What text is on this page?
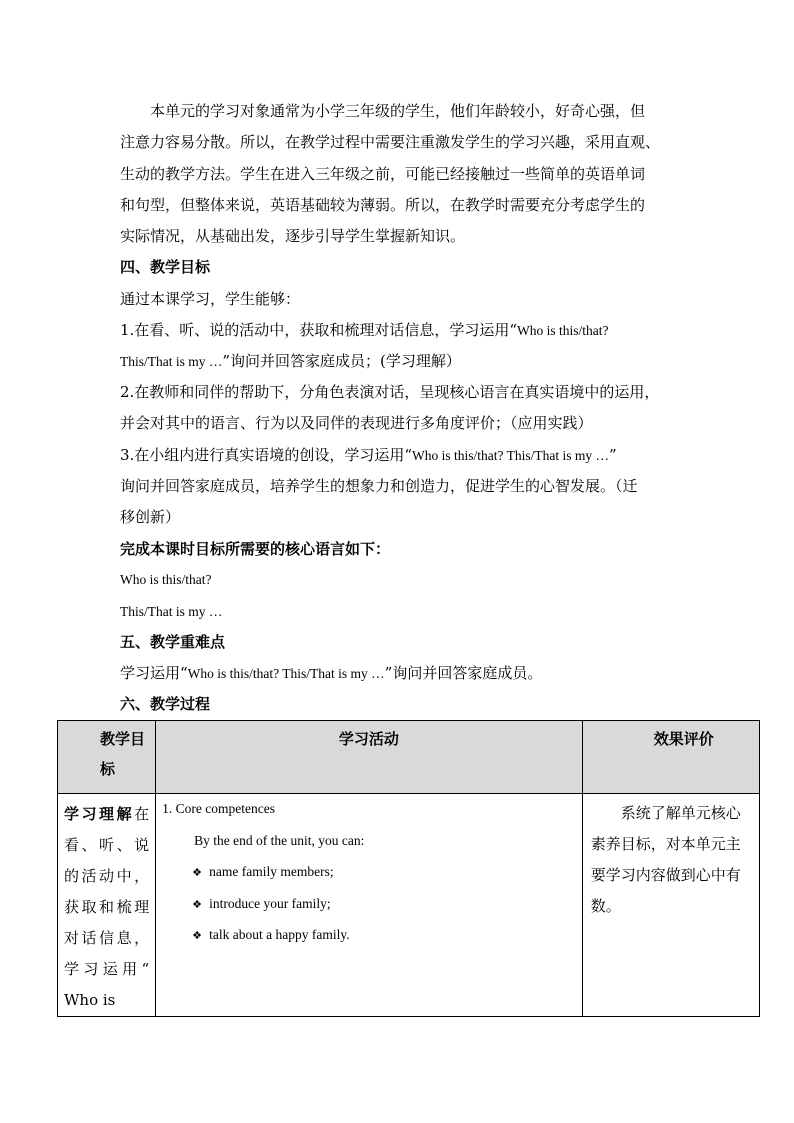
本单元的学习对象通常为小学三年级的学生，他们年龄较小，好奇心强，但
注意力容易分散。所以，在教学过程中需要注重激发学生的学习兴趣，采用直观、
生动的教学方法。学生在进入三年级之前，可能已经接触过一些简单的英语单词
和句型，但整体来说，英语基础较为薄弱。所以，在教学时需要充分考虑学生的
实际情况，从基础出发，逐步引导学生掌握新知识。
四、教学目标
通过本课学习，学生能够：
1.在看、听、说的活动中，获取和梳理对话信息，学习运用“Who is this/that?
This/That is my …”询问并回答家庭成员；(学习理解）
2.在教师和同伴的帮助下，分角色表演对话，呈现核心语言在真实语境中的运用，
并会对其中的语言、行为以及同伴的表现进行多角度评价；（应用实践）
3.在小组内进行真实语境的创设，学习运用“Who is this/that? This/That is my …”
询问并回答家庭成员，培养学生的想象力和创造力，促进学生的心智发展。（迁
移创新）
完成本课时目标所需要的核心语言如下：
Who is this/that?
This/That is my …
五、教学重难点
学习运用“Who is this/that? This/That is my …”询问并回答家庭成员。
六、教学过程
教学目
标	学习活动	效果评价

学习理解在看、听、说的活动中，获取和梳理对话信息，学习运用“ Who is	1. Core competences
By the end of the unit, you can:
❖ name family members;
❖ introduce your family;
❖ talk about a happy family.	系统了解单元核心素养目标，对本单元主要学习内容做到心中有数。
